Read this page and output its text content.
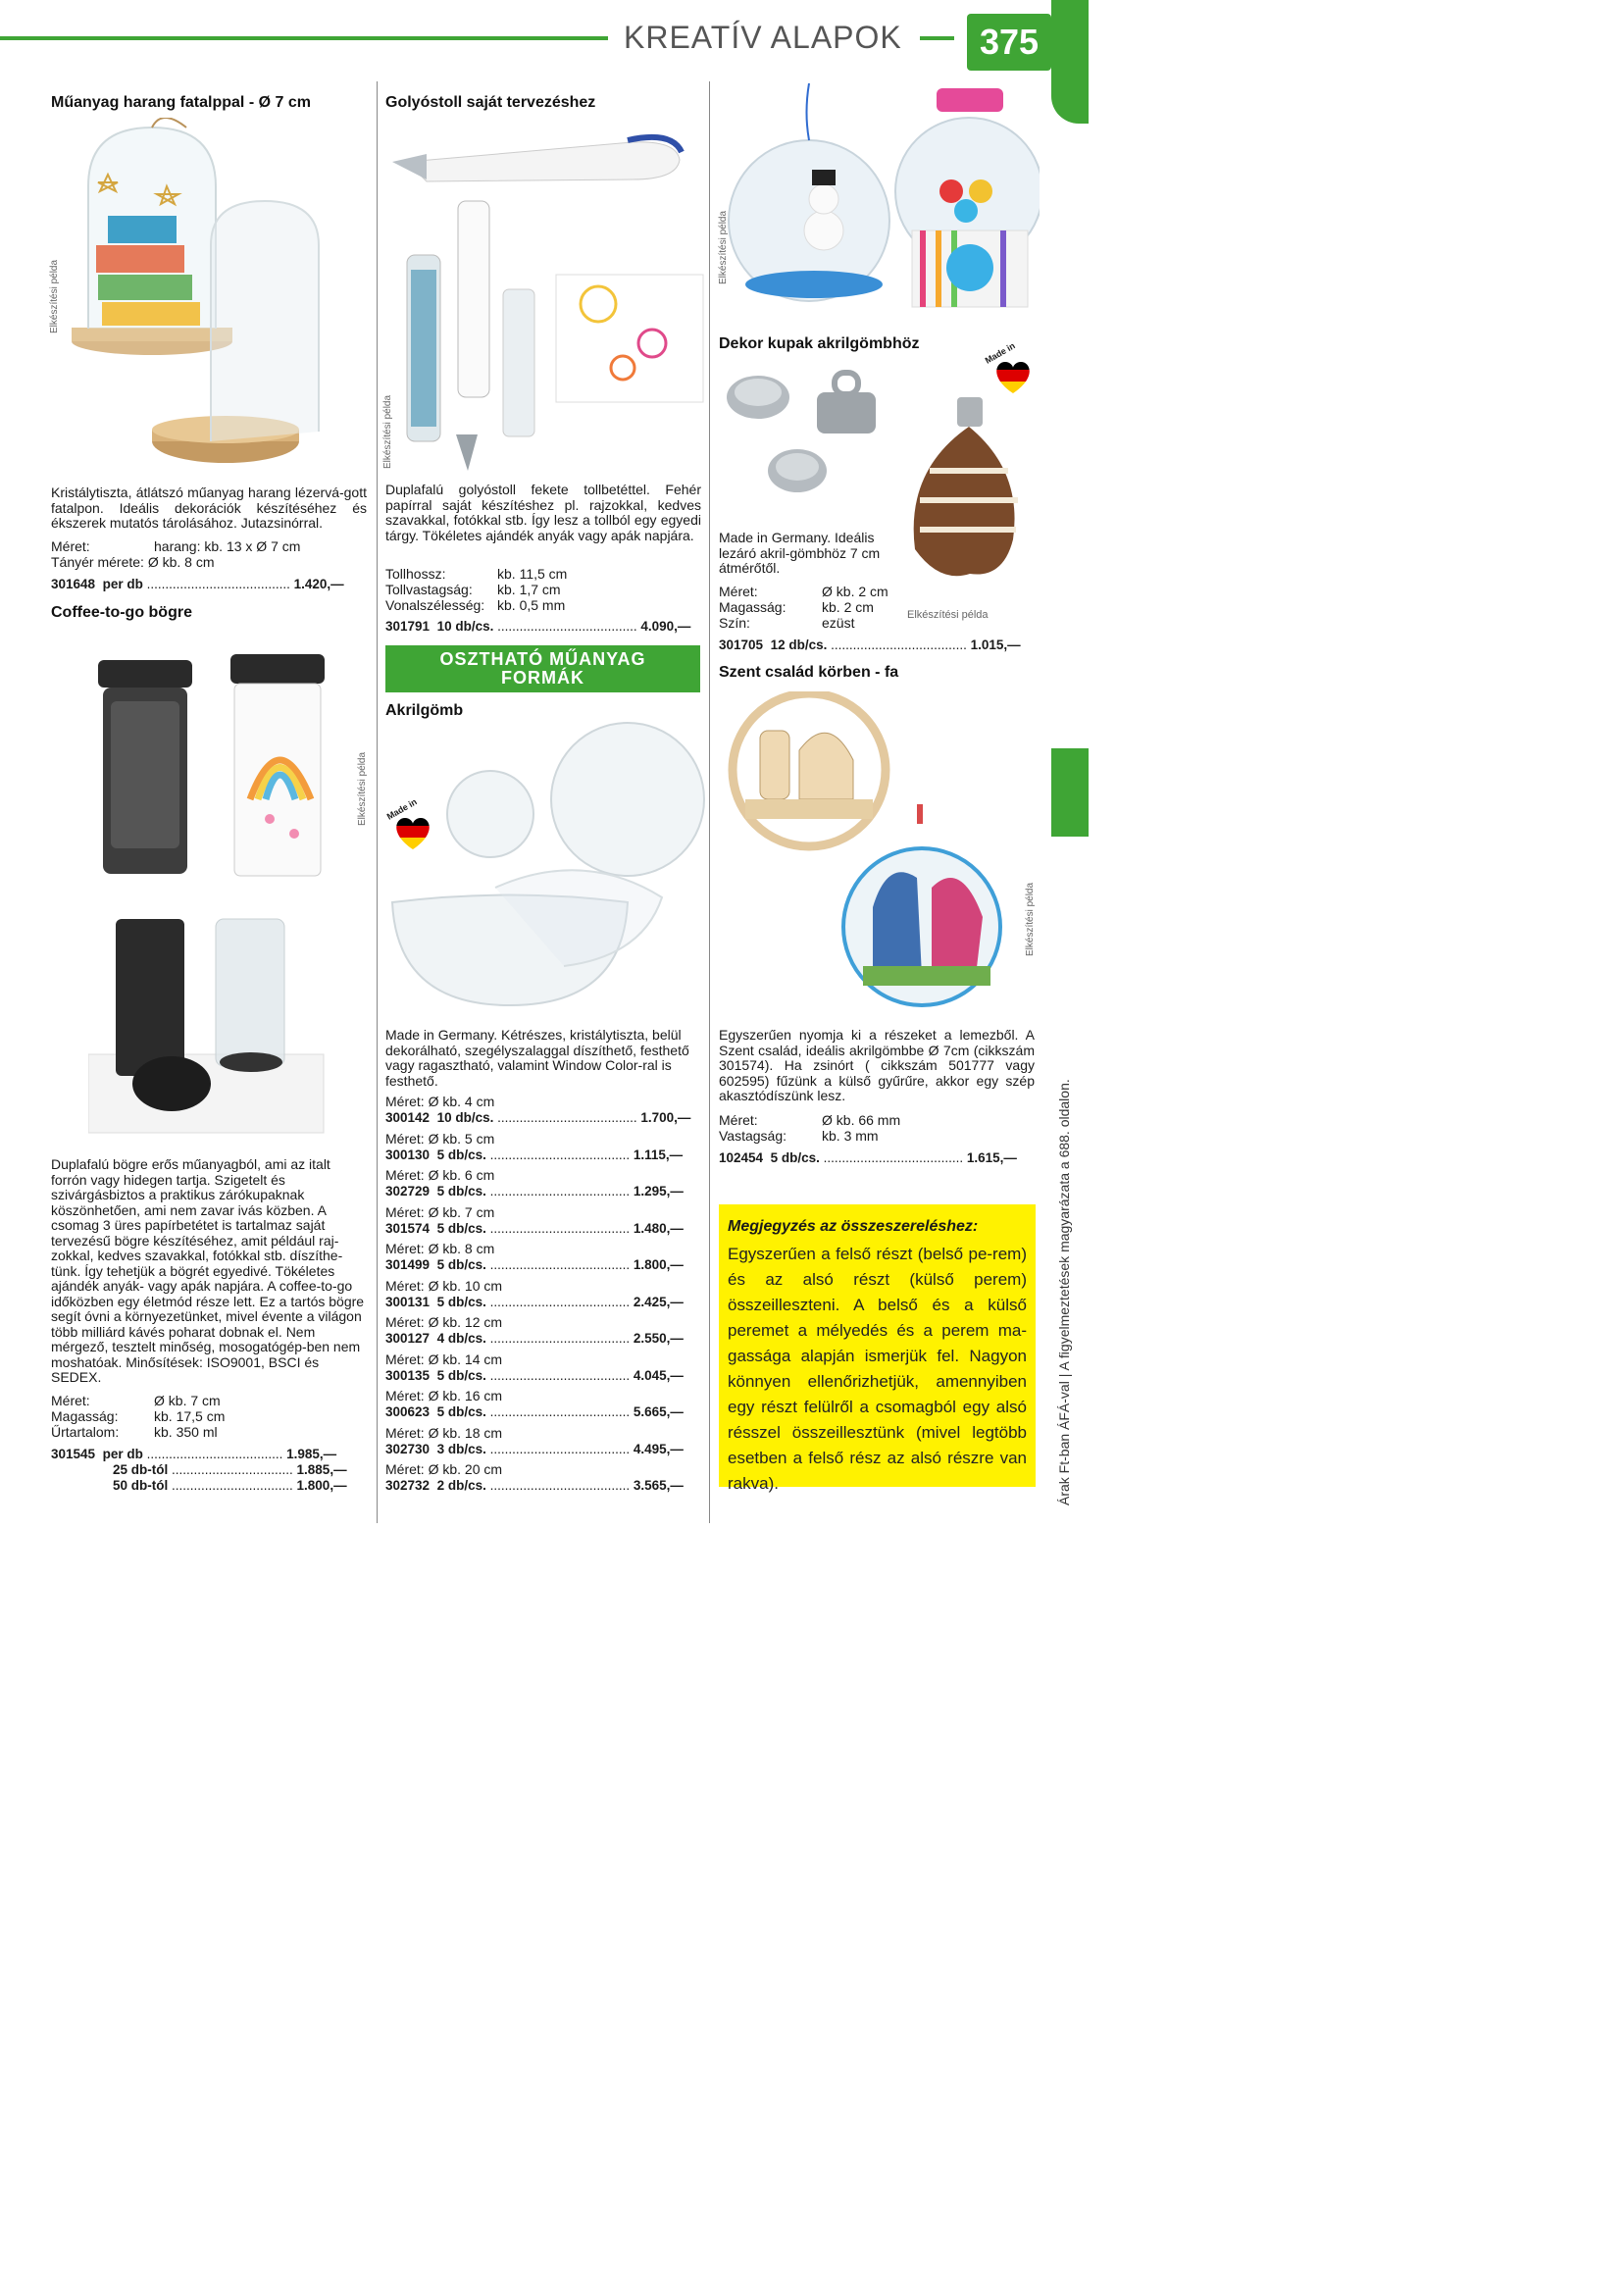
KREATÍV ALAPOK	375
Árak Ft-ban ÁFÁ-val | A figyelmeztetések magyarázata a 688. oldalon.
Műanyag harang fatalppal - Ø 7 cm
Elkészítési példa
Kristálytiszta, átlátszó műanyag harang lézervá-gott fatalpon. Ideális dekorációk készítéséhez és ékszerek mutatós tárolásához. Jutazsinórral.
Méret:	harang: kb. 13 x Ø 7 cm
Tányér mérete: Ø kb. 8 cm
301648 per db ....................................... 1.420,—
Coffee-to-go bögre
Elkészítési példa
Duplafalú bögre erős műanyagból, ami az italt forrón vagy hidegen tartja. Szigetelt és szivárgásbiztos a praktikus zárókupaknak köszönhetően, ami nem zavar ivás közben. A csomag 3 üres papírbetétet is tartalmaz saját tervezésű bögre készítéséhez, amit például raj-zokkal, kedves szavakkal, fotókkal stb. díszíthe-tünk. Így tehetjük a bögrét egyedivé. Tökéletes ajándék anyák- vagy apák napjára. A coffee-to-go időközben egy életmód része lett. Ez a tartós bögre segít óvni a környezetünket, mivel évente a világon több milliárd kávés poharat dobnak el. Nem mérgező, tesztelt minőség, mosogatógép-ben nem moshatóak. Minősítések: ISO9001, BSCI és SEDEX.
Méret:	Ø kb. 7 cm
Magasság:	kb. 17,5 cm
Űrtartalom:	kb. 350 ml
301545 per db ..................................... 1.985,—
25 db-tól ................................. 1.885,—
50 db-tól ................................. 1.800,—
Golyóstoll saját tervezéshez
Elkészítési példa
Duplafalú golyóstoll fekete tollbetéttel. Fehér papírral saját készítéshez pl. rajzokkal, kedves szavakkal, fotókkal stb. Így lesz a tollból egy egyedi tárgy. Tökéletes ajándék anyák vagy apák napjára.
Tollhossz:	kb. 11,5 cm
Tollvastagság: kb. 1,7 cm
Vonalszélesség: kb. 0,5 mm
301791 10 db/cs. ...................................... 4.090,—
OSZTHATÓ MŰANYAG
FORMÁK
Akrilgömb
Made in
Made in Germany. Kétrészes, kristálytiszta, belül dekorálható, szegélyszalaggal díszíthető, festhető vagy ragasztható, valamint Window Color-ral is festhető.
Méret: Ø kb. 4 cm
300142 10 db/cs. ...................................... 1.700,—
Méret: Ø kb. 5 cm
300130 5 db/cs. ...................................... 1.115,—
Méret: Ø kb. 6 cm
302729 5 db/cs. ...................................... 1.295,—
Méret: Ø kb. 7 cm
301574 5 db/cs. ...................................... 1.480,—
Méret: Ø kb. 8 cm
301499 5 db/cs. ...................................... 1.800,—
Méret: Ø kb. 10 cm
300131 5 db/cs. ...................................... 2.425,—
Méret: Ø kb. 12 cm
300127 4 db/cs. ...................................... 2.550,—
Méret: Ø kb. 14 cm
300135 5 db/cs. ...................................... 4.045,—
Méret: Ø kb. 16 cm
300623 5 db/cs. ...................................... 5.665,—
Méret: Ø kb. 18 cm
302730 3 db/cs. ...................................... 4.495,—
Méret: Ø kb. 20 cm
302732 2 db/cs. ...................................... 3.565,—
Elkészítési példa
Dekor kupak akrilgömbhöz	Made in
Elkészítési példa
Made in Germany. Ideális lezáró akril-gömbhöz 7 cm átmérőtől.
Méret:	Ø kb. 2 cm
Magasság:	kb. 2 cm
Szín:	ezüst
301705 12 db/cs. ..................................... 1.015,—
Szent család körben - fa
Elkészítési példa
Egyszerűen nyomja ki a részeket a lemezből. A Szent család, ideális akrilgömbbe Ø 7cm (cikkszám 301574). Ha zsinórt ( cikkszám 501777 vagy 602595) fűzünk a külső gyűrűre, akkor egy szép akasztódíszünk lesz.
Méret:	Ø kb. 66 mm
Vastagság:	kb. 3 mm
102454 5 db/cs. ...................................... 1.615,—
Megjegyzés az összeszereléshez:
Egyszerűen a felső részt (belső pe-rem) és az alsó részt (külső perem) összeilleszteni. A belső és a külső peremet a mélyedés és a perem ma-gassága alapján ismerjük fel. Nagyon könnyen ellenőrizhetjük, amennyiben egy részt felülről a csomagból egy alsó résszel összeillesztünk (mivel legtöbb esetben a felső rész az alsó részre van rakva).
